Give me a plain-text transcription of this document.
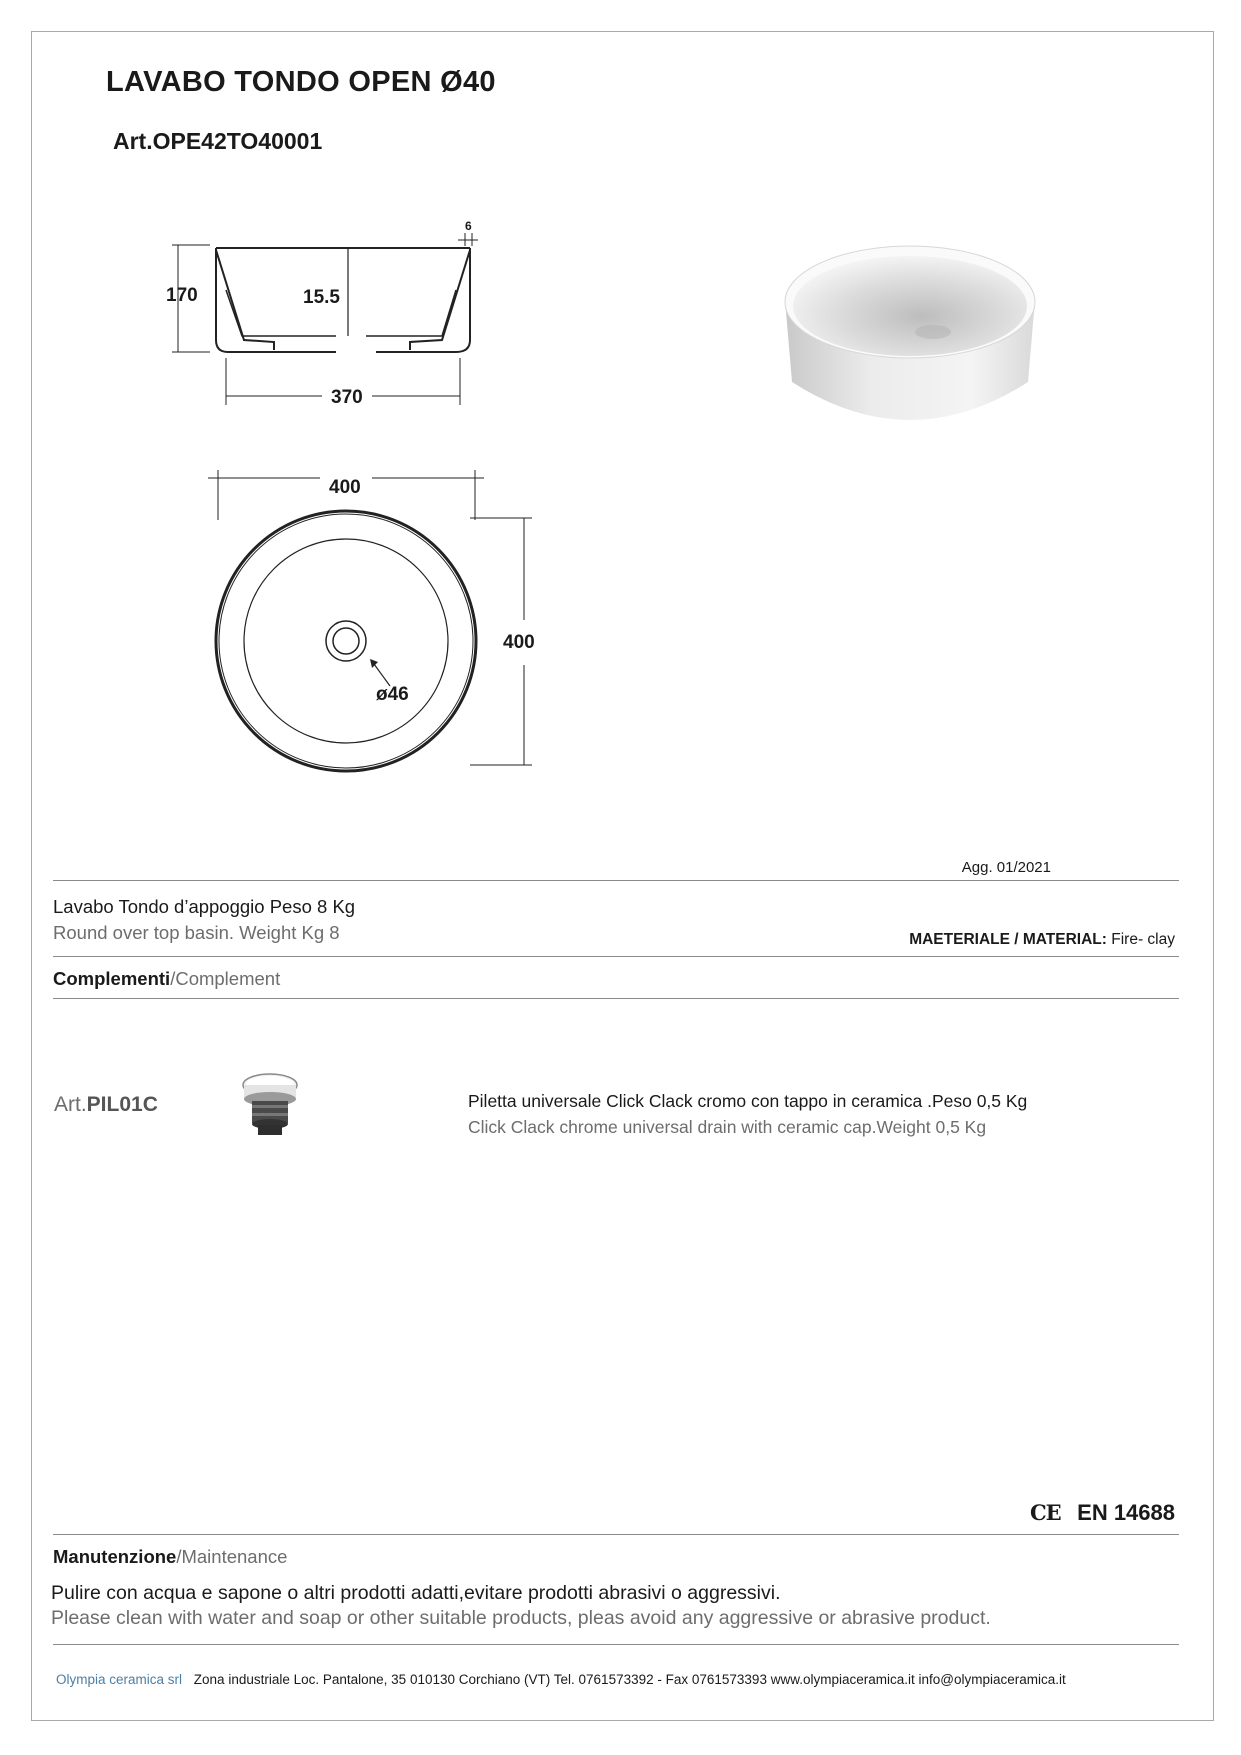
LAVABO TONDO OPEN Ø40
Art.OPE42TO40001
170	15.5
6
370
400
400
ø46
Agg. 01/2021
Lavabo Tondo d’appoggio Peso 8 Kg
Round over top basin. Weight Kg 8	MAETERIALE / MATERIAL: Fire- clay
Complementi/Complement
Art.PIL01C	Piletta universale Click Clack cromo con tappo in ceramica .Peso 0,5 Kg
Click Clack chrome universal drain with ceramic cap.Weight 0,5 Kg
CE EN 14688
Manutenzione/Maintenance
Pulire con acqua e sapone o altri prodotti adatti,evitare prodotti abrasivi o aggressivi.
Please clean with water and soap or other suitable products, pleas avoid any aggressive or abrasive product.
Olympia ceramica srl Zona industriale Loc. Pantalone, 35 010130 Corchiano (VT) Tel. 0761573392 - Fax 0761573393 www.olympiaceramica.it info@olympiaceramica.it
